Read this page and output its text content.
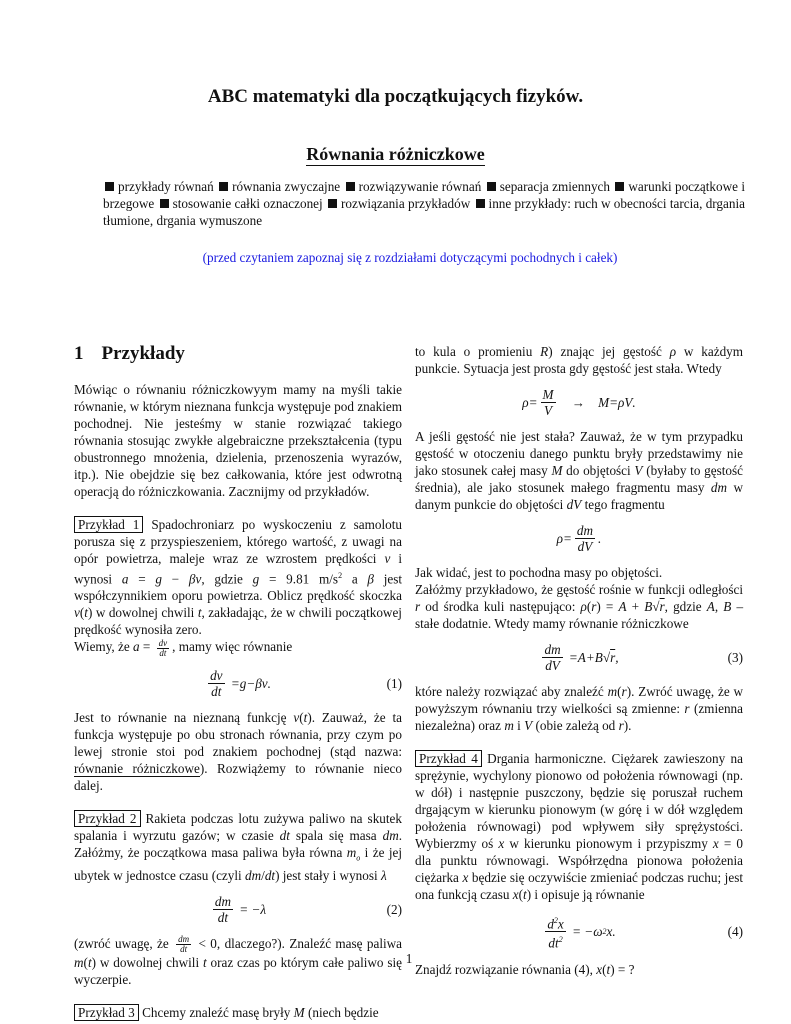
ABC matematyki dla początkujących fizyków.
Równania różniczkowe
przykłady równań równania zwyczajne rozwiązywanie równań separacja zmiennych warunki początkowe i brzegowe stosowanie całki oznaczonej rozwiązania przykładów inne przykłady: ruch w obecności tarcia, drgania tłumione, drgania wymuszone
(przed czytaniem zapoznaj się z rozdziałami dotyczącymi pochodnych i całek)

1 Przykłady

Mówiąc o równaniu różniczkowyym mamy na myśli takie równanie, w którym nieznana funkcja występuje pod znakiem pochodnej. Nie jesteśmy w stanie rozwiązać takiego równania stosując zwykłe algebraiczne przekształcenia (typu obustronnego mnożenia, dzielenia, przenoszenia wyrazów, itp.). Nie obejdzie się bez całkowania, które jest odwrotną operacją do różniczkowania. Zacznijmy od przykładów.

Przykład 1 Spadochroniarz po wyskoczeniu z samolotu porusza się z przyspieszeniem, którego wartość, z uwagi na opór powietrza, maleje wraz ze wzrostem prędkości v i wynosi a = g − βv, gdzie g = 9.81 $m/s^2$ a β jest współczynnikiem oporu powietrza. Oblicz prędkość skoczka v(t) w dowolnej chwili t, zakładając, że w chwili początkowej prędkość wynosiła zero.

Wiemy, że $a = \frac{dv}{dt}$ , mamy więc równanie

$\frac{dv}{dt} = g - \beta v$ .	(1)

Jest to równanie na nieznaną funkcję v(t). Zauważ, że ta funkcja występuje po obu stronach równania, przy czym po lewej stronie stoi pod znakiem pochodnej (stąd nazwa: równanie różniczkowe). Rozwiążemy to równanie nieco dalej.

Przykład 2 Rakieta podczas lotu zużywa paliwo na skutek spalania i wyrzutu gazów; w czasie dt spala się masa dm. Załóżmy, że początkowa masa paliwa była równa $m_o$ i że jej ubytek w jednostce czasu (czyli dm/dt) jest stały i wynosi λ

$\frac{dm}{dt}$ = − λ	(2)

(zwróć uwagę, że $\frac{dm}{dt} < 0$, dlaczego?). Znaleźć masę paliwa m(t) w dowolnej chwili t oraz czas po którym całe paliwo się wyczerpie.

Przykład 3 Chcemy znaleźć masę bryły M (niech będzie

to kula o promieniu R) znając jej gęstość ρ w każdym punkcie. Sytuacja jest prosta gdy gęstość jest stała. Wtedy

$\rho = \frac{M}{V}$
→
M = ρV .

A jeśli gęstość nie jest stała? Zauważ, że w tym przypadku gęstość w otoczeniu danego punktu bryły przedstawimy nie jako stosunek całej masy M do objętości V (byłaby to gęstość średnia), ale jako stosunek małego fragmentu masy dm w danym punkcie do objętości dV tego fragmentu

$\rho = \frac{dm}{dV}$ .

Jak widać, jest to pochodna masy po objętości.

Załóżmy przykładowo, że gęstość rośnie w funkcji odległości r od środka kuli następująco: ρ(r) = A + B√r, gdzie A, B – stałe dodatnie. Wtedy mamy równanie różniczkowe

$\frac{dm}{dV} = A + B$ √ r ,	(3)

które należy rozwiązać aby znaleźć m(r). Zwróć uwagę, że w powyższym równaniu trzy wielkości są zmienne: r (zmienna niezależna) oraz m i V (obie zależą od r).

Przykład 4 Drgania harmoniczne. Ciężarek zawieszony na sprężynie, wychylony pionowo od położenia równowagi (np. w dół) i następnie puszczony, będzie się poruszał ruchem drgającym w kierunku pionowym (w górę i w dół względem położenia równowagi) pod wpływem siły sprężystości. Wybierzmy oś x w kierunku pionowym i przypiszmy x = 0 dla punktu równowagi. Współrzędna pionowa położenia ciężarka x będzie się oczywiście zmieniać podczas ruchu; jest ona funkcją czasu x(t) i opisuje ją równanie

$\frac{d^2x}{dt^2}$ = − ω 2 x .	(4)

Znajdź rozwiązanie równania (4), x(t) = ?

1
